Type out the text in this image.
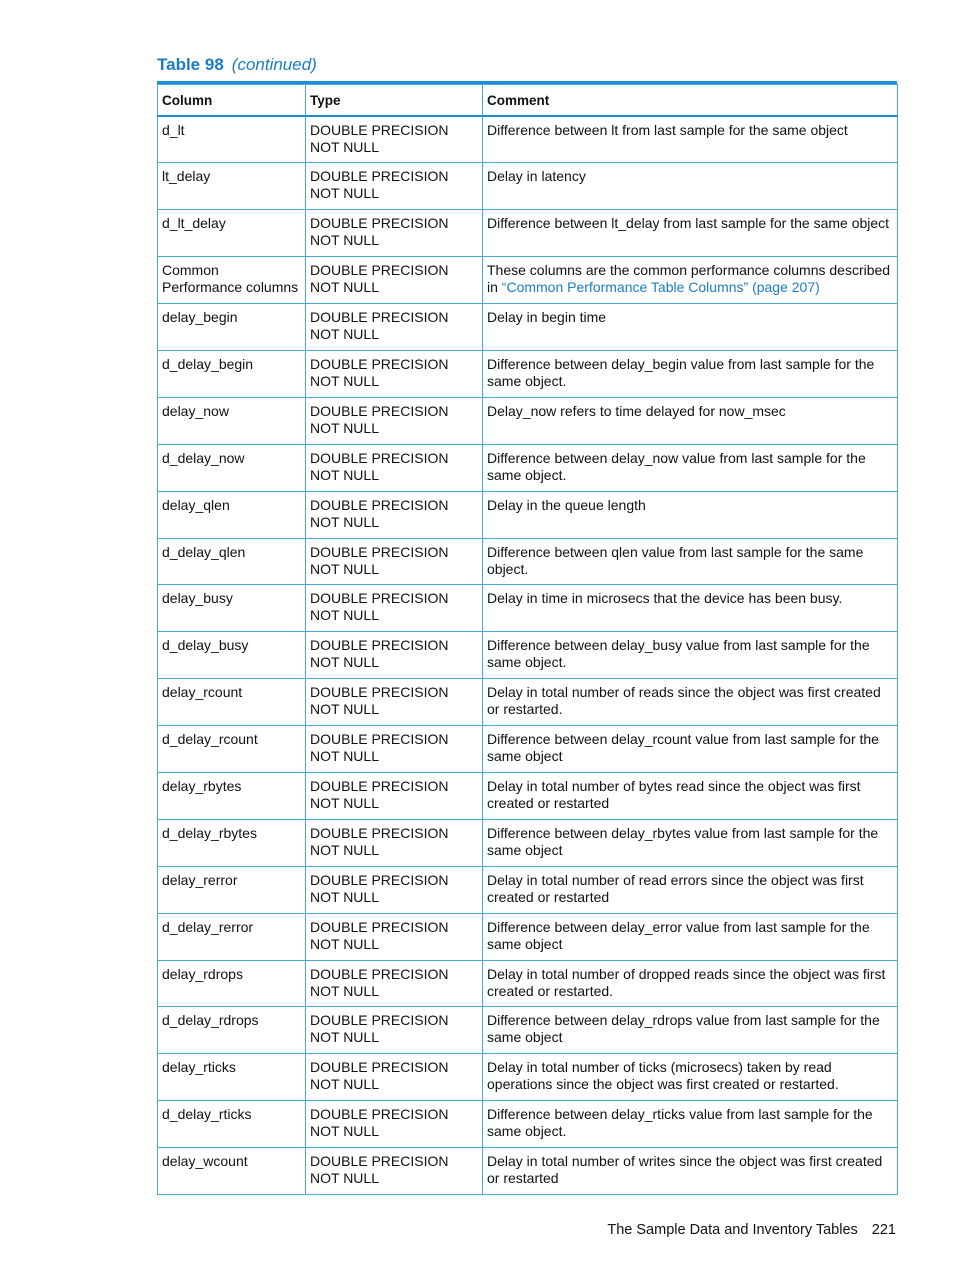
Table 98 (continued)
Column	Type	Comment
d_lt	DOUBLE PRECISION NOT NULL	Difference between lt from last sample for the same object
lt_delay	DOUBLE PRECISION NOT NULL	Delay in latency
d_lt_delay	DOUBLE PRECISION NOT NULL	Difference between lt_delay from last sample for the same object
Common Performance columns	DOUBLE PRECISION NOT NULL	These columns are the common performance columns described in “Common Performance Table Columns” (page 207)
delay_begin	DOUBLE PRECISION NOT NULL	Delay in begin time
d_delay_begin	DOUBLE PRECISION NOT NULL	Difference between delay_begin value from last sample for the same object.
delay_now	DOUBLE PRECISION NOT NULL	Delay_now refers to time delayed for now_msec
d_delay_now	DOUBLE PRECISION NOT NULL	Difference between delay_now value from last sample for the same object.
delay_qlen	DOUBLE PRECISION NOT NULL	Delay in the queue length
d_delay_qlen	DOUBLE PRECISION NOT NULL	Difference between qlen value from last sample for the same object.
delay_busy	DOUBLE PRECISION NOT NULL	Delay in time in microsecs that the device has been busy.
d_delay_busy	DOUBLE PRECISION NOT NULL	Difference between delay_busy value from last sample for the same object.
delay_rcount	DOUBLE PRECISION NOT NULL	Delay in total number of reads since the object was first created or restarted.
d_delay_rcount	DOUBLE PRECISION NOT NULL	Difference between delay_rcount value from last sample for the same object
delay_rbytes	DOUBLE PRECISION NOT NULL	Delay in total number of bytes read since the object was first created or restarted
d_delay_rbytes	DOUBLE PRECISION NOT NULL	Difference between delay_rbytes value from last sample for the same object
delay_rerror	DOUBLE PRECISION NOT NULL	Delay in total number of read errors since the object was first created or restarted
d_delay_rerror	DOUBLE PRECISION NOT NULL	Difference between delay_error value from last sample for the same object
delay_rdrops	DOUBLE PRECISION NOT NULL	Delay in total number of dropped reads since the object was first created or restarted.
d_delay_rdrops	DOUBLE PRECISION NOT NULL	Difference between delay_rdrops value from last sample for the same object
delay_rticks	DOUBLE PRECISION NOT NULL	Delay in total number of ticks (microsecs) taken by read operations since the object was first created or restarted.
d_delay_rticks	DOUBLE PRECISION NOT NULL	Difference between delay_rticks value from last sample for the same object.
delay_wcount	DOUBLE PRECISION NOT NULL	Delay in total number of writes since the object was first created or restarted
The Sample Data and Inventory Tables 221
